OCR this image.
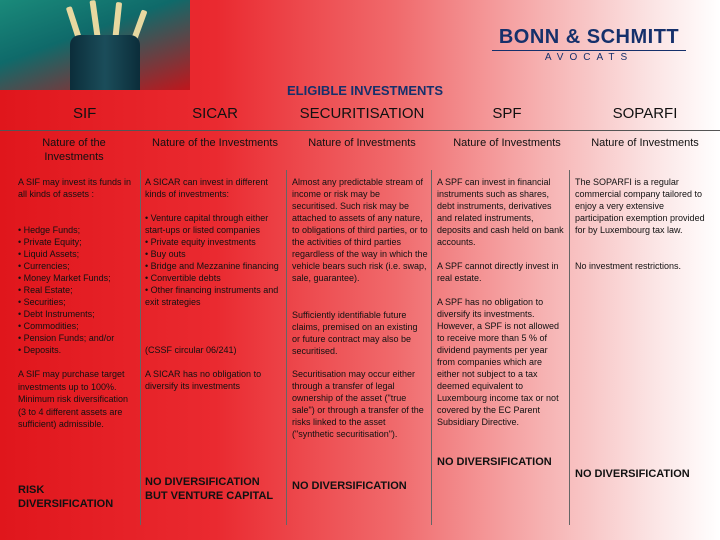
BONN & SCHMITT
AVOCATS
ELIGIBLE INVESTMENTS
SIF
Nature of the Investments
SICAR
Nature of the Investments
SECURITISATION
Nature of Investments
SPF
Nature of Investments
SOPARFI
Nature of Investments
A SIF may invest its funds in all kinds of assets :
• Hedge Funds;
• Private Equity;
• Liquid Assets;
• Currencies;
• Money Market Funds;
• Real Estate;
• Securities;
• Debt Instruments;
• Commodities;
• Pension Funds; and/or
• Deposits.
A SIF may purchase target investments up to 100%. Minimum risk diversification (3 to 4 different assets are sufficient) admissible.
RISK DIVERSIFICATION
A SICAR can invest in different kinds of investments:
• Venture capital through either start-ups or listed companies
• Private equity investments
• Buy outs
• Bridge and Mezzanine financing
• Convertible debts
• Other financing instruments and exit strategies
(CSSF circular 06/241)
A SICAR has no obligation to diversify its investments
NO DIVERSIFICATION BUT VENTURE CAPITAL
Almost any predictable stream of income or risk may be securitised. Such risk may be attached to assets of any nature, to obligations of third parties, or to the activities of third parties regardless of the way in which the vehicle bears such risk (i.e. swap, sale, guarantee).
Sufficiently identifiable future claims, premised on an existing or future contract may also be securitised.
Securitisation may occur either through a transfer of legal ownership of the asset ("true sale") or through a transfer of the risks linked to the asset ("synthetic securitisation").
NO DIVERSIFICATION
A SPF can invest in financial instruments such as shares, debt instruments, derivatives and related instruments, deposits and cash held on bank accounts.
A SPF cannot directly invest in real estate.
A SPF has no obligation to diversify its investments. However, a SPF is not allowed to receive more than 5 % of dividend payments per year from companies which are either not subject to a tax deemed equivalent to Luxembourg income tax or not covered by the EC Parent Subsidiary Directive.
NO DIVERSIFICATION
The SOPARFI is a regular commercial company tailored to enjoy a very extensive participation exemption provided for by Luxembourg tax law.
No investment restrictions.
NO DIVERSIFICATION
